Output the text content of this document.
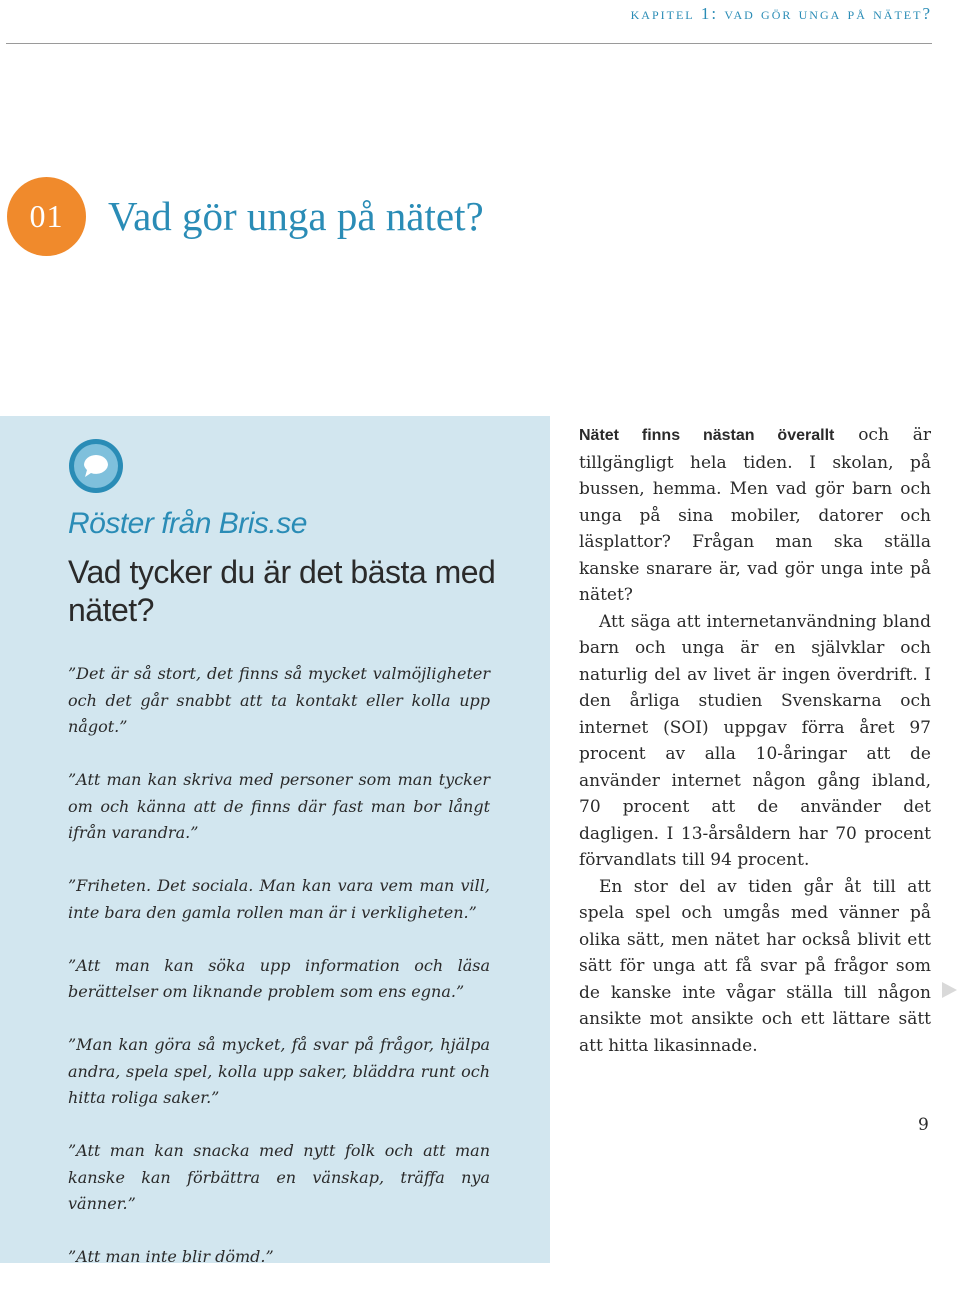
kapitel 1: vad gör unga på nätet?
01	Vad gör unga på nätet?
Röster från Bris.se
Vad tycker du är det bästa med nätet?

”Det är så stort, det finns så mycket valmöjligheter och det går snabbt att ta kontakt eller kolla upp något.”

”Att man kan skriva med personer som man tycker om och känna att de finns där fast man bor långt ifrån varandra.”

”Friheten. Det sociala. Man kan vara vem man vill, inte bara den gamla rollen man är i verkligheten.”

”Att man kan söka upp information och läsa berättelser om liknande problem som ens egna.”

”Man kan göra så mycket, få svar på frågor, hjälpa andra, spela spel, kolla upp saker, bläddra runt och hitta roliga saker.”

”Att man kan snacka med nytt folk och att man kanske kan förbättra en vänskap, träffa nya vänner.”

”Att man inte blir dömd.”

Nätet finns nästan överallt och är tillgängligt hela tiden. I skolan, på bussen, hemma. Men vad gör barn och unga på sina mobiler, datorer och läsplattor? Frågan man ska ställa kanske snarare är, vad gör unga inte på nätet?

Att säga att internetanvändning bland barn och unga är en självklar och naturlig del av livet är ingen överdrift. I den årliga studien Svenskarna och internet (SOI) uppgav förra året 97 procent av alla 10-åringar att de använder internet någon gång ibland, 70 procent att de använder det dagligen. I 13-årsåldern har 70 procent förvandlats till 94 procent.

En stor del av tiden går åt till att spela spel och umgås med vänner på olika sätt, men nätet har också blivit ett sätt för unga att få svar på frågor som de kanske inte vågar ställa till någon ansikte mot ansikte och ett lättare sätt att hitta likasinnade.

9
